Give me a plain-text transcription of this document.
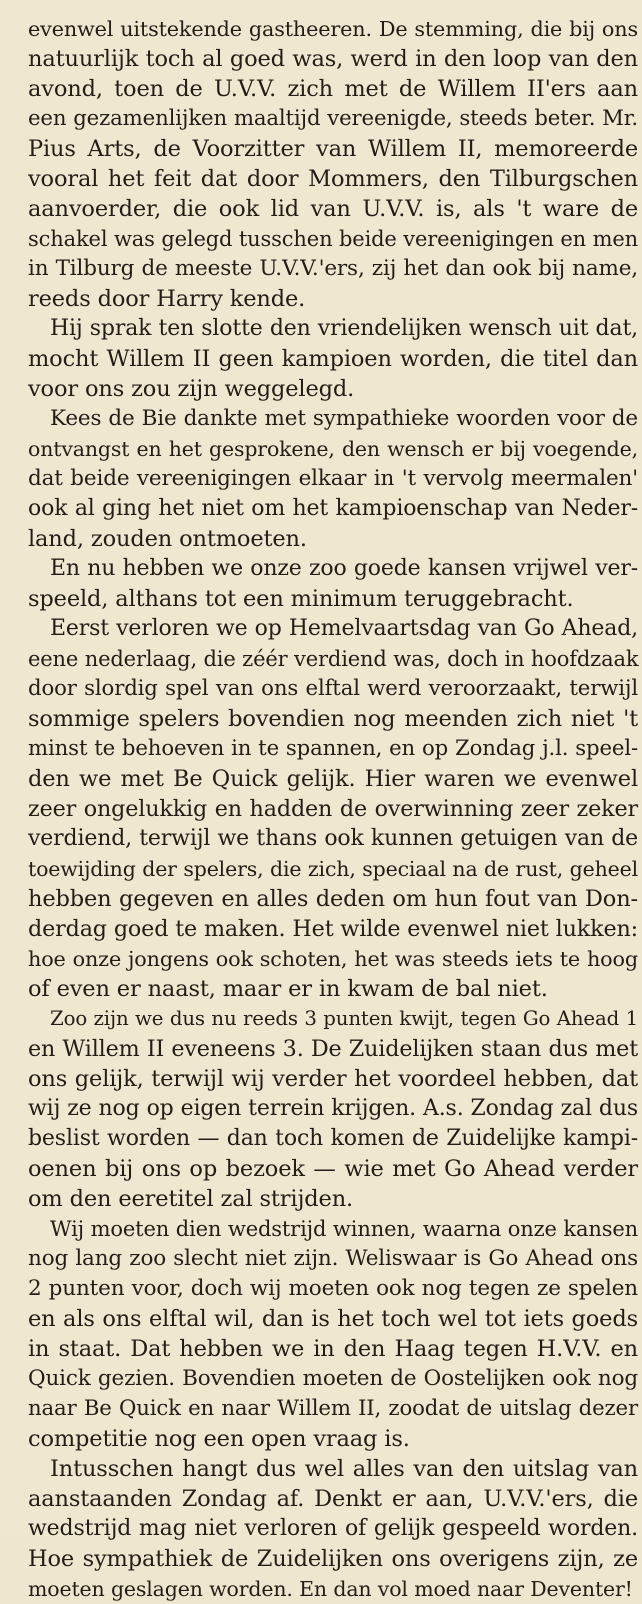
evenwel uitstekende gastheeren. De stemming, die bij ons
natuurlijk toch al goed was, werd in den loop van den
avond, toen de U.V.V. zich met de Willem II'ers aan
een gezamenlijken maaltijd vereenigde, steeds beter. Mr.
Pius Arts, de Voorzitter van Willem II, memoreerde
vooral het feit dat door Mommers, den Tilburgschen
aanvoerder, die ook lid van U.V.V. is, als 't ware de
schakel was gelegd tusschen beide vereenigingen en men
in Tilburg de meeste U.V.V.'ers, zij het dan ook bij name,
reeds door Harry kende.
Hij sprak ten slotte den vriendelijken wensch uit dat,
mocht Willem II geen kampioen worden, die titel dan
voor ons zou zijn weggelegd.
Kees de Bie dankte met sympathieke woorden voor de
ontvangst en het gesprokene, den wensch er bij voegende,
dat beide vereenigingen elkaar in 't vervolg meermalen'
ook al ging het niet om het kampioenschap van Neder-
land, zouden ontmoeten.
En nu hebben we onze zoo goede kansen vrijwel ver-
speeld, althans tot een minimum teruggebracht.
Eerst verloren we op Hemelvaartsdag van Go Ahead,
eene nederlaag, die zéér verdiend was, doch in hoofdzaak
door slordig spel van ons elftal werd veroorzaakt, terwijl
sommige spelers bovendien nog meenden zich niet 't
minst te behoeven in te spannen, en op Zondag j.l. speel-
den we met Be Quick gelijk. Hier waren we evenwel
zeer ongelukkig en hadden de overwinning zeer zeker
verdiend, terwijl we thans ook kunnen getuigen van de
toewijding der spelers, die zich, speciaal na de rust, geheel
hebben gegeven en alles deden om hun fout van Don-
derdag goed te maken. Het wilde evenwel niet lukken:
hoe onze jongens ook schoten, het was steeds iets te hoog
of even er naast, maar er in kwam de bal niet.
Zoo zijn we dus nu reeds 3 punten kwijt, tegen Go Ahead 1
en Willem II eveneens 3. De Zuidelijken staan dus met
ons gelijk, terwijl wij verder het voordeel hebben, dat
wij ze nog op eigen terrein krijgen. A.s. Zondag zal dus
beslist worden — dan toch komen de Zuidelijke kampi-
oenen bij ons op bezoek — wie met Go Ahead verder
om den eeretitel zal strijden.
Wij moeten dien wedstrijd winnen, waarna onze kansen
nog lang zoo slecht niet zijn. Weliswaar is Go Ahead ons
2 punten voor, doch wij moeten ook nog tegen ze spelen
en als ons elftal wil, dan is het toch wel tot iets goeds
in staat. Dat hebben we in den Haag tegen H.V.V. en
Quick gezien. Bovendien moeten de Oostelijken ook nog
naar Be Quick en naar Willem II, zoodat de uitslag dezer
competitie nog een open vraag is.
Intusschen hangt dus wel alles van den uitslag van
aanstaanden Zondag af. Denkt er aan, U.V.V.'ers, die
wedstrijd mag niet verloren of gelijk gespeeld worden.
Hoe sympathiek de Zuidelijken ons overigens zijn, ze
moeten geslagen worden. En dan vol moed naar Deventer!
